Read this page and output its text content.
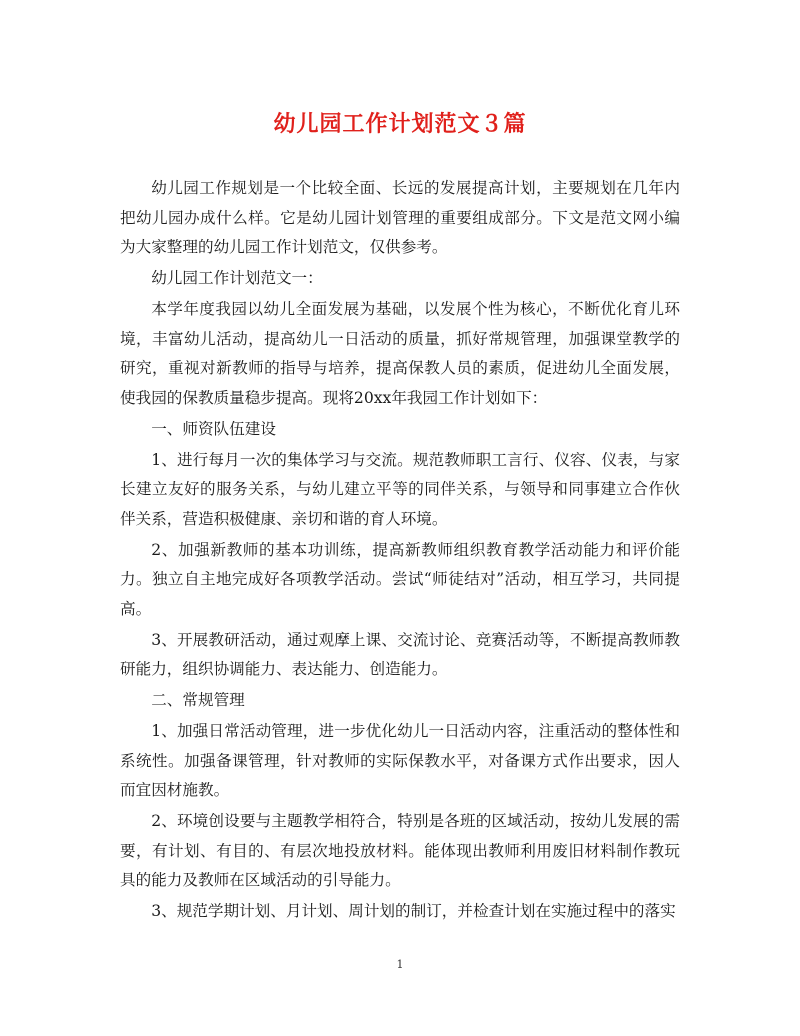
幼儿园工作计划范文３篇

幼儿园工作规划是一个比较全面、长远的发展提高计划，主要规划在几年内把幼儿园办成什么样。它是幼儿园计划管理的重要组成部分。下文是范文网小编为大家整理的幼儿园工作计划范文，仅供参考。

幼儿园工作计划范文一：

本学年度我园以幼儿全面发展为基础，以发展个性为核心，不断优化育儿环境，丰富幼儿活动，提高幼儿一日活动的质量，抓好常规管理，加强课堂教学的研究，重视对新教师的指导与培养，提高保教人员的素质，促进幼儿全面发展，使我园的保教质量稳步提高。现将20xx年我园工作计划如下：

一、师资队伍建设

1、进行每月一次的集体学习与交流。规范教师职工言行、仪容、仪表，与家长建立友好的服务关系，与幼儿建立平等的同伴关系，与领导和同事建立合作伙伴关系，营造积极健康、亲切和谐的育人环境。

2、加强新教师的基本功训练，提高新教师组织教育教学活动能力和评价能力。独立自主地完成好各项教学活动。尝试“师徒结对”活动，相互学习，共同提高。

3、开展教研活动，通过观摩上课、交流讨论、竞赛活动等，不断提高教师教研能力，组织协调能力、表达能力、创造能力。

二、常规管理

1、加强日常活动管理，进一步优化幼儿一日活动内容，注重活动的整体性和系统性。加强备课管理，针对教师的实际保教水平，对备课方式作出要求，因人而宜因材施教。

2、环境创设要与主题教学相符合，特别是各班的区域活动，按幼儿发展的需要，有计划、有目的、有层次地投放材料。能体现出教师利用废旧材料制作教玩具的能力及教师在区域活动的引导能力。

3、规范学期计划、月计划、周计划的制订，并检查计划在实施过程中的落实

1
